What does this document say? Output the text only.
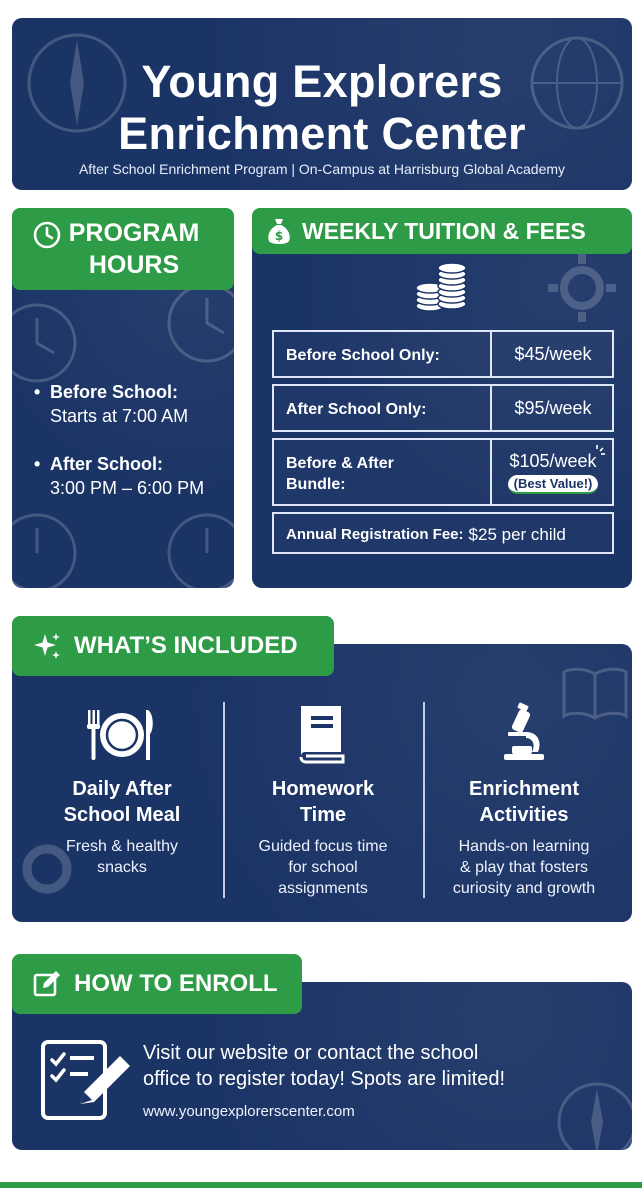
Young Explorers
Enrichment Center
After School Enrichment Program | On-Campus at Harrisburg Global Academy
• Before School:
Starts at 7:00 AM
• After School:
3:00 PM – 6:00 PM
PROGRAM
HOURS
Before School Only:	$45/week
After School Only:	$95/week
Before & After
Bundle:
$105/week
(Best Value!)
Annual Registration Fee: $25 per child
$ WEEKLY TUITION & FEES
WHAT’S INCLUDED
Daily After
School Meal
Fresh & healthy
snacks
Homework
Time
Guided focus time
for school
assignments
Enrichment
Activities
Hands-on learning
& play that fosters
curiosity and growth
HOW TO ENROLL
Visit our website or contact the school
office to register today! Spots are limited!
www.youngexplorerscenter.com
